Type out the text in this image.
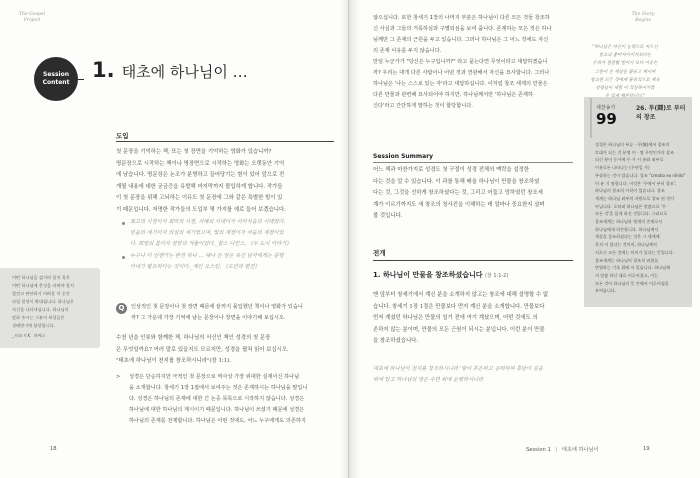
The Gospel
Project
Session
Content
1. 태초에 하나님이 …
도입
첫 문장을 기억하는 책, 또는 첫 장면을 기억하는 영화가 있습니까?
명문장으로 시작하는 책이나 명장면으로 시작하는 영화는 오랫동안 기억
에 남습니다. 명문장은 논조가 분명하고 끌어당기는 힘이 있어 앞으로 전
개될 내용에 대한 궁금증을 유발해 마지막까지 몰입하게 합니다. 작가들
이 첫 문장을 위해 고뇌하는 이유도 첫 문장에 그와 같은 특별한 힘이 있
기 때문입니다. 저명한 작가들의 도입부 몇 가지를 예로 들어 보겠습니다.
최고의 시절이자 최악의 시절, 지혜의 시대이자 어리석음의 시대였다.
믿음의 세기이자 의심의 세기였으며, 빛의 계절이자 어둠의 계절이었
다. 희망의 봄이자 절망의 겨울이었다._찰스 디킨스, 《두 도시 이야기》
누구나 다 언젠가는 완전 하나 … 해나 든 얼은 독신 남자에게는 분명
아내가 필요하다는 것이다._제인 오스틴, 《오만과 편견》

어떤 하나님을 섬겨야 할지 혹은

어떤 하나님에 충성을 바쳐야 할지

발견고 판단하기 어려운 이 순간

다림 결정이 확대됩니다. 하나님은

자신을 나타내십니다. 하나님이

말하 주시는 그분이 특성들은

경배받기에 합당합니다.

_티모시 K. 파커스

Q	인상적인 첫 문장이나 첫 장면 때문에 끝까지 몰입했던 책이나 영화가 있습니
까? 그 가운데 가장 기억에 남는 문장이나 장면을 이야기해 보십시오.
수천 년을 인류와 함께한 책, 하나님의 서신인 책인 성경의 첫 문장
은 무엇일까요? 여러 말로 있을지도 모르지만, 성경을 펼쳐 읽어 보십시오.
"태초에 하나님이 천지를 창조하시니라"(창 1:1).
>	성경은 단순하지만 극적인 첫 문장으로 역사상 가장 위대한 실재이신 하나님
을 소개합니다. 창세기 1장 1절에서 보여주는 것은 존재하시는 하나님을 말입니
다. 성경은 하나님의 존재에 대한 긴 논증 목록으로 시작하지 않습니다. 성경은
하나님에 대한 하나님의 계시이기 때문입니다. 하나님이 쓰셨기 때문에 성경은
하나님의 존재를 전제합니다. 하나님은 어떤 것에도, 어느 누구에게도 의존하지
18
The Story
Begins
않으십니다. 또한 창세기 1장의 나머지 부분은 하나님이 다른 모든 것들 창조하
신 사실과 그들의 거룩하심과 구별되심을 보여 줍니다. 존재하는 모든 것은 하나
님께만 그 존재의 근원을 두고 있습니다. 그러나 하나님은 그 어느 것에도 자신
의 존재 이유를 두지 않습니다.
만일 누군가가 "당신은 누구입니까?" 라고 묻는다면 무엇이라고 대답하겠습니
까? 우리는 대개 다른 사람이나 어떤 것과 연관해서 자신을 묘사합니다. 그러나
하나님은 '나는 스스로 있는 자'라고 대답하십니다. 이처럼 창조 세계의 만물은
다른 만물과 관련해 묘사되어야 하지만, 하나님께서만 '하나님은 존재하
신다'라고 간단하게 말하는 것이 합당합니다.

"하나님은 자신이 능력으로 지으신

창조의 총미자이시기보다는

우리가 절망할 일이기 보다 이유는

그분이 온 세상을 붙들고 계시며

창조한 모든 것에게 물리적으로 계속

성령님이 세밀 이 작동하시기를

Session Summary
어느 책과 마찬가지로 성경도 첫 구절이 성경 전체의 맥락을 설정한
다는 것을 알 수 있습니다. 이 과를 통해 배울 하나님이 만물을 창조하셨
다는 것, 그것을 선하게 창조하셨다는 것, 그리고 어둡고 망하였던 창조세
계가 이르기까지도 새 창조의 청사진을 이해하는 데 얼마나 중요한지 살펴
볼 것입니다.
전개
1. 하나님이 만물을 창조하셨습니다 (창 1:1-2)
맨 앞부터 창세기에서 계신 분을 소개하지 않고는 창조에 대해 설명할 수 없
습니다. 창세기 1장 1절은 만물보다 먼저 계신 분을 소개합니다. 만물보다
먼저 계셨던 하나님은 만물의 일기 전에 여기 계셨으며, 어떤 것에도 의
존하지 않는 분이며, 만물의 모든 근원이 되시는 분입니다. 이런 분이 만물
을 창조하셨습니다.
대초에 하나님이 천지를 창조하시니라 '땅이 혼돈하고 공허하며 흑암이 깊음
위에 있고 하나님의 영은 수면 위에 운행하시니라
새찬송가
99
26. 투(鬪)로 부터의 창조

성경은 하나님의 부류 · 무(無)에서 창조의

토대가 되는 것 분명 이 · 명 무엇인가의 창조

되신 분이 동시에 무 가 시 유와 외부로

이유로든 나타나는 (우연일 가)

주장하는 것이 있습니다. 창조 "creatio ex nihilo"

이 유 기 명합니다. 이것은 '무에서 부터 창조',

하나님의 창조의 시작이 었습니다. 창조

세계는 하나님 외부의 자원으로 창조 된 것이

아닙니다. 오히려 하나님은 말씀으로 '무

모든 것'을 있게 하신 것입니다. 그러므로

창조세계는 하나님과 별개의 존재로서

하나님에게 의존합니다. 하나님께서

세상을 창조하셨다는 것은 그 세계에

목적 이 있다는 것이며, 하나님께서

지으신 모든 것에는 의미가 있다는 뜻입니다.

창조세계는 하나님의 창조적 권위를

반영하는 기초 위에 서 있습니다. 하나님께

서 말씀 하신 대로 이루어졌고, 이는

모든 것이 하나님의 뜻 안에서 이루어짐을

보여줍니다.

Session 1 | 태초에 하나님이	19
